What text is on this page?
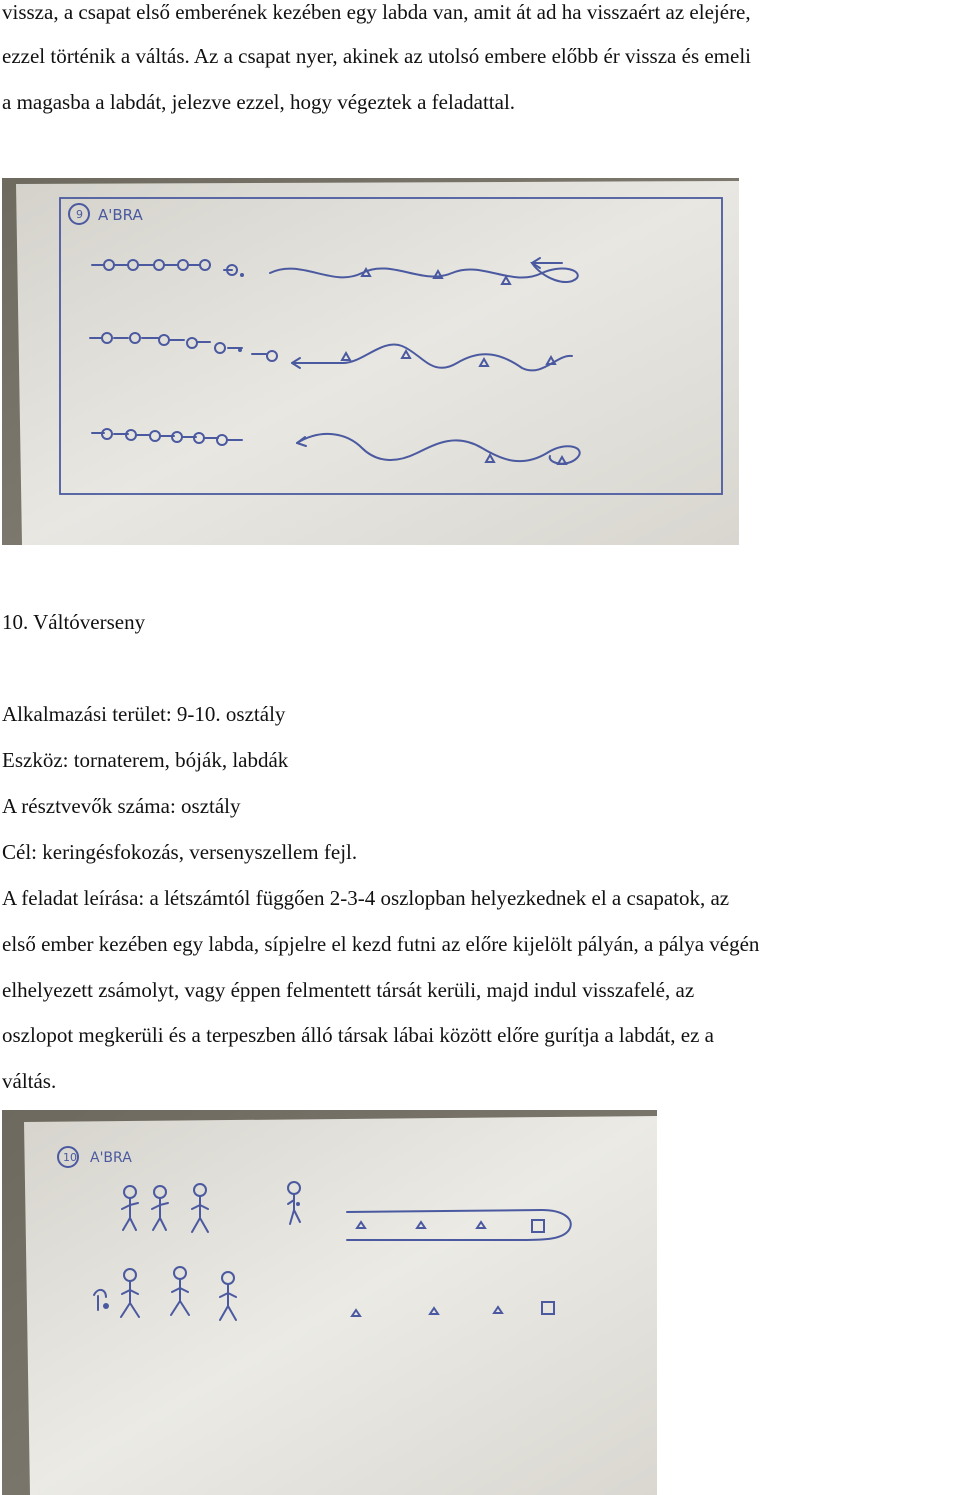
vissza, a csapat első emberének kezében egy labda van, amit át ad ha visszaért az elejére,
ezzel történik a váltás. Az a csapat nyer, akinek az utolsó embere előbb ér vissza és emeli
a magasba a labdát, jelezve ezzel, hogy végeztek a feladattal.
9 A'BRA
10. Váltóverseny
Alkalmazási terület: 9-10. osztály
Eszköz: tornaterem, bóják, labdák
A résztvevők száma: osztály
Cél: keringésfokozás, versenyszellem fejl.
A feladat leírása: a létszámtól függően 2-3-4 oszlopban helyezkednek el a csapatok, az
első ember kezében egy labda, sípjelre el kezd futni az előre kijelölt pályán, a pálya végén
elhelyezett zsámolyt, vagy éppen felmentett társát kerüli, majd indul visszafelé, az
oszlopot megkerüli és a terpeszben álló társak lábai között előre gurítja a labdát, ez a
váltás.
10 A'BRA
